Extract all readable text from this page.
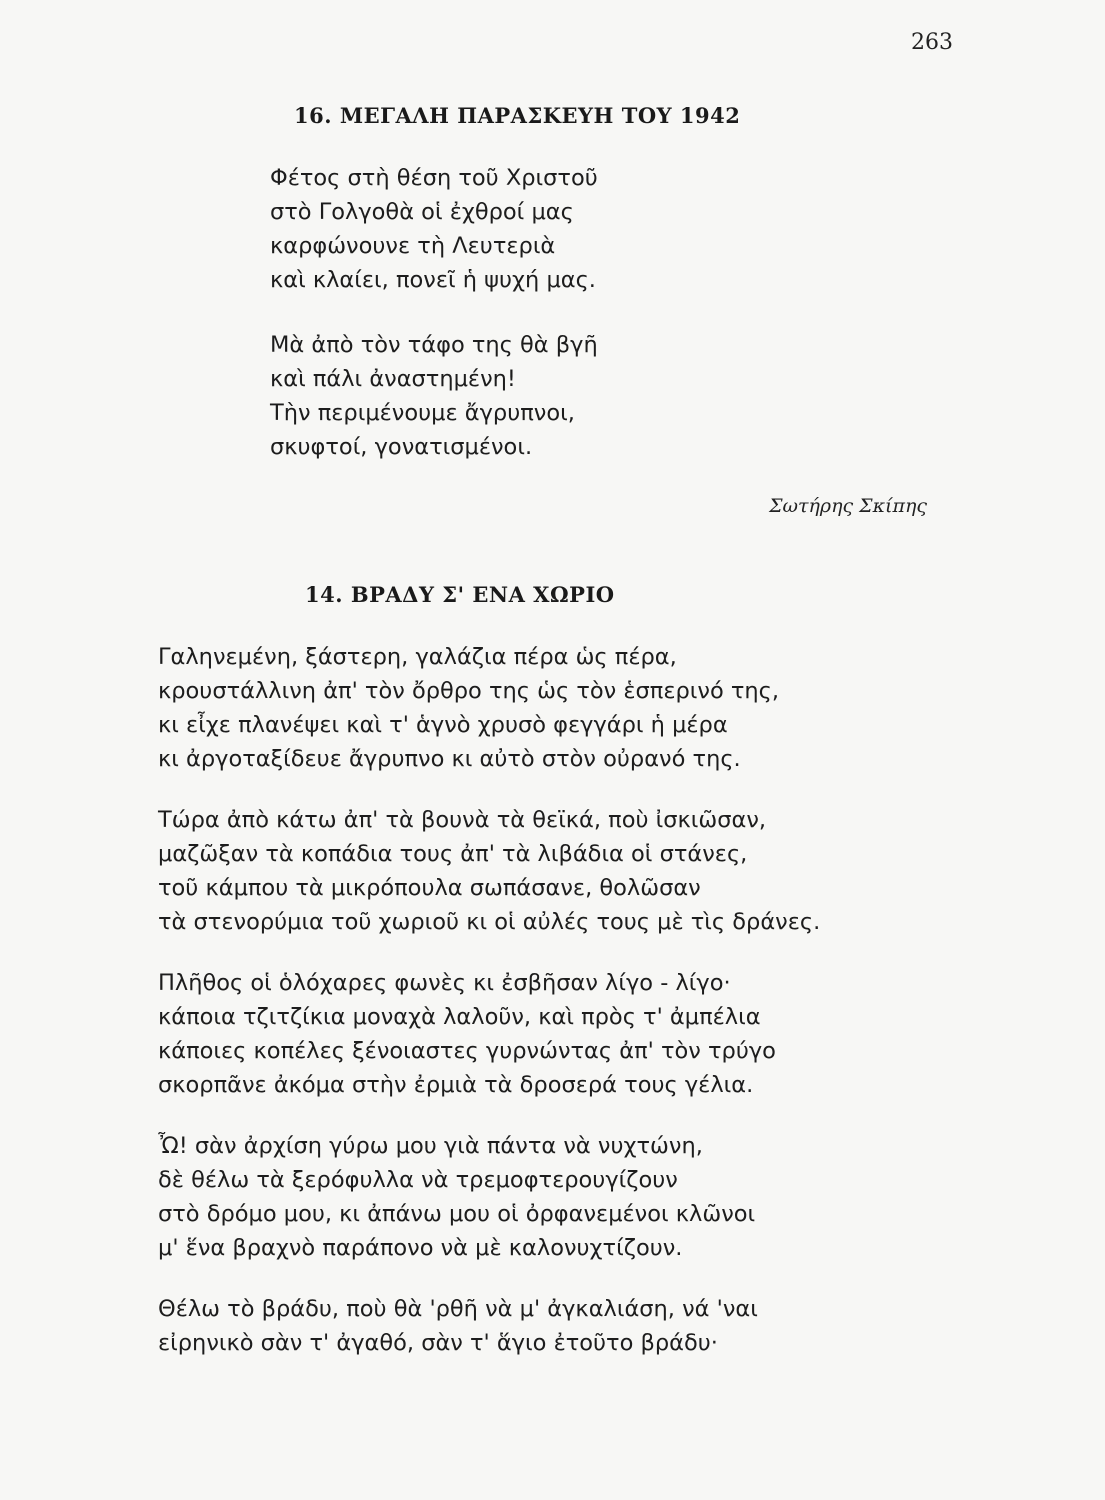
263
16. ΜΕΓΑΛΗ ΠΑΡΑΣΚΕΥΗ ΤΟΥ 1942
Φέτος στὴ θέση τοῦ Χριστοῦ
στὸ Γολγοθὰ οἱ ἐχθροί μας
καρφώνουνε τὴ Λευτεριὰ
καὶ κλαίει, πονεῖ ἡ ψυχή μας.
Μὰ ἀπὸ τὸν τάφο της θὰ βγῆ
καὶ πάλι ἀναστημένη!
Τὴν περιμένουμε ἄγρυπνοι,
σκυφτοί, γονατισμένοι.
Σωτήρης Σκίπης
14. ΒΡΑΔΥ Σ' ΕΝΑ ΧΩΡΙΟ
Γαληνεμένη, ξάστερη, γαλάζια πέρα ὡς πέρα,
κρουστάλλινη ἀπ' τὸν ὄρθρο της ὡς τὸν ἑσπερινό της,
κι εἶχε πλανέψει καὶ τ' ἁγνὸ χρυσὸ φεγγάρι ἡ μέρα
κι ἀργοταξίδευε ἄγρυπνο κι αὐτὸ στὸν οὐρανό της.
Τώρα ἀπὸ κάτω ἀπ' τὰ βουνὰ τὰ θεϊκά, ποὺ ἰσκιῶσαν,
μαζῶξαν τὰ κοπάδια τους ἀπ' τὰ λιβάδια οἱ στάνες,
τοῦ κάμπου τὰ μικρόπουλα σωπάσανε, θολῶσαν
τὰ στενορύμια τοῦ χωριοῦ κι οἱ αὐλές τους μὲ τὶς δράνες.
Πλῆθος οἱ ὁλόχαρες φωνὲς κι ἐσβῆσαν λίγο - λίγο·
κάποια τζιτζίκια μοναχὰ λαλοῦν, καὶ πρὸς τ' ἀμπέλια
κάποιες κοπέλες ξένοιαστες γυρνώντας ἀπ' τὸν τρύγο
σκορπᾶνε ἀκόμα στὴν ἐρμιὰ τὰ δροσερά τους γέλια.
Ὦ! σὰν ἀρχίση γύρω μου γιὰ πάντα νὰ νυχτώνη,
δὲ θέλω τὰ ξερόφυλλα νὰ τρεμοφτερουγίζουν
στὸ δρόμο μου, κι ἀπάνω μου οἱ ὀρφανεμένοι κλῶνοι
μ' ἕνα βραχνὸ παράπονο νὰ μὲ καλονυχτίζουν.
Θέλω τὸ βράδυ, ποὺ θὰ 'ρθῆ νὰ μ' ἀγκαλιάση, νά 'ναι
εἰρηνικὸ σὰν τ' ἀγαθό, σὰν τ' ἅγιο ἐτοῦτο βράδυ·
